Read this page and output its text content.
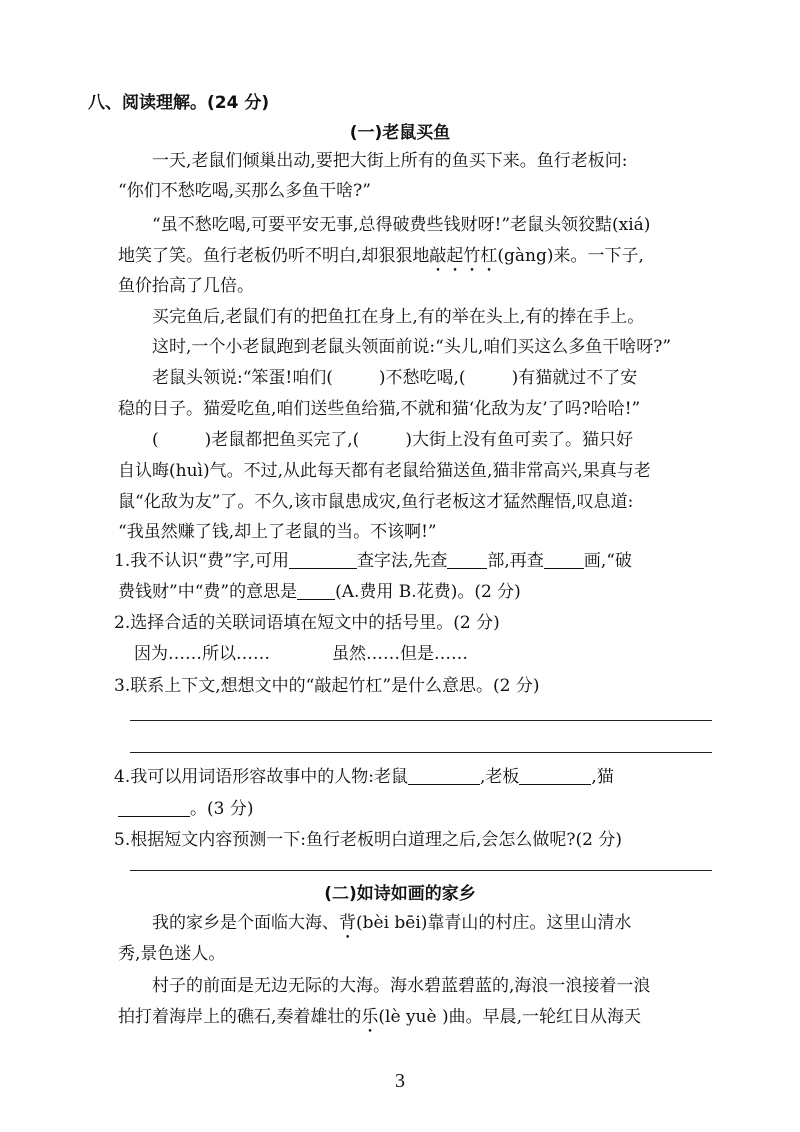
八、阅读理解。(24 分)
(一)老鼠买鱼
一天,老鼠们倾巢出动,要把大街上所有的鱼买下来。鱼行老板问:
“你们不愁吃喝,买那么多鱼干啥?”
“虽不愁吃喝,可要平安无事,总得破费些钱财呀!”老鼠头领狡黠(xiá)
地笑了笑。鱼行老板仍听不明白,却狠狠地敲起竹杠(gàng)来。一下子,
鱼价抬高了几倍。
买完鱼后,老鼠们有的把鱼扛在身上,有的举在头上,有的捧在手上。
这时,一个小老鼠跑到老鼠头领面前说:“头儿,咱们买这么多鱼干啥呀?”
老鼠头领说:“笨蛋!咱们(	)不愁吃喝,(	)有猫就过不了安
稳的日子。猫爱吃鱼,咱们送些鱼给猫,不就和猫‘化敌为友’了吗?哈哈!”
(	)老鼠都把鱼买完了,(	)大街上没有鱼可卖了。猫只好
自认晦(huì)气。不过,从此每天都有老鼠给猫送鱼,猫非常高兴,果真与老
鼠“化敌为友”了。不久,该市鼠患成灾,鱼行老板这才猛然醒悟,叹息道:
“我虽然赚了钱,却上了老鼠的当。不该啊!”
1.我不认识“费”字,可用	查字法,先查 部,再查 画,“破
费钱财”中“费”的意思是 (A.费用 B.花费)。(2 分)
2.选择合适的关联词语填在短文中的括号里。(2 分)
因为……所以……	虽然……但是……
3.联系上下文,想想文中的“敲起竹杠”是什么意思。(2 分)
4.我可以用词语形容故事中的人物:老鼠	,老板	,猫
。(3 分)
5.根据短文内容预测一下:鱼行老板明白道理之后,会怎么做呢?(2 分)
(二)如诗如画的家乡
我的家乡是个面临大海、背(bèi bēi)靠青山的村庄。这里山清水
秀,景色迷人。
村子的前面是无边无际的大海。海水碧蓝碧蓝的,海浪一浪接着一浪
拍打着海岸上的礁石,奏着雄壮的乐(lè yuè )曲。早晨,一轮红日从海天
3
